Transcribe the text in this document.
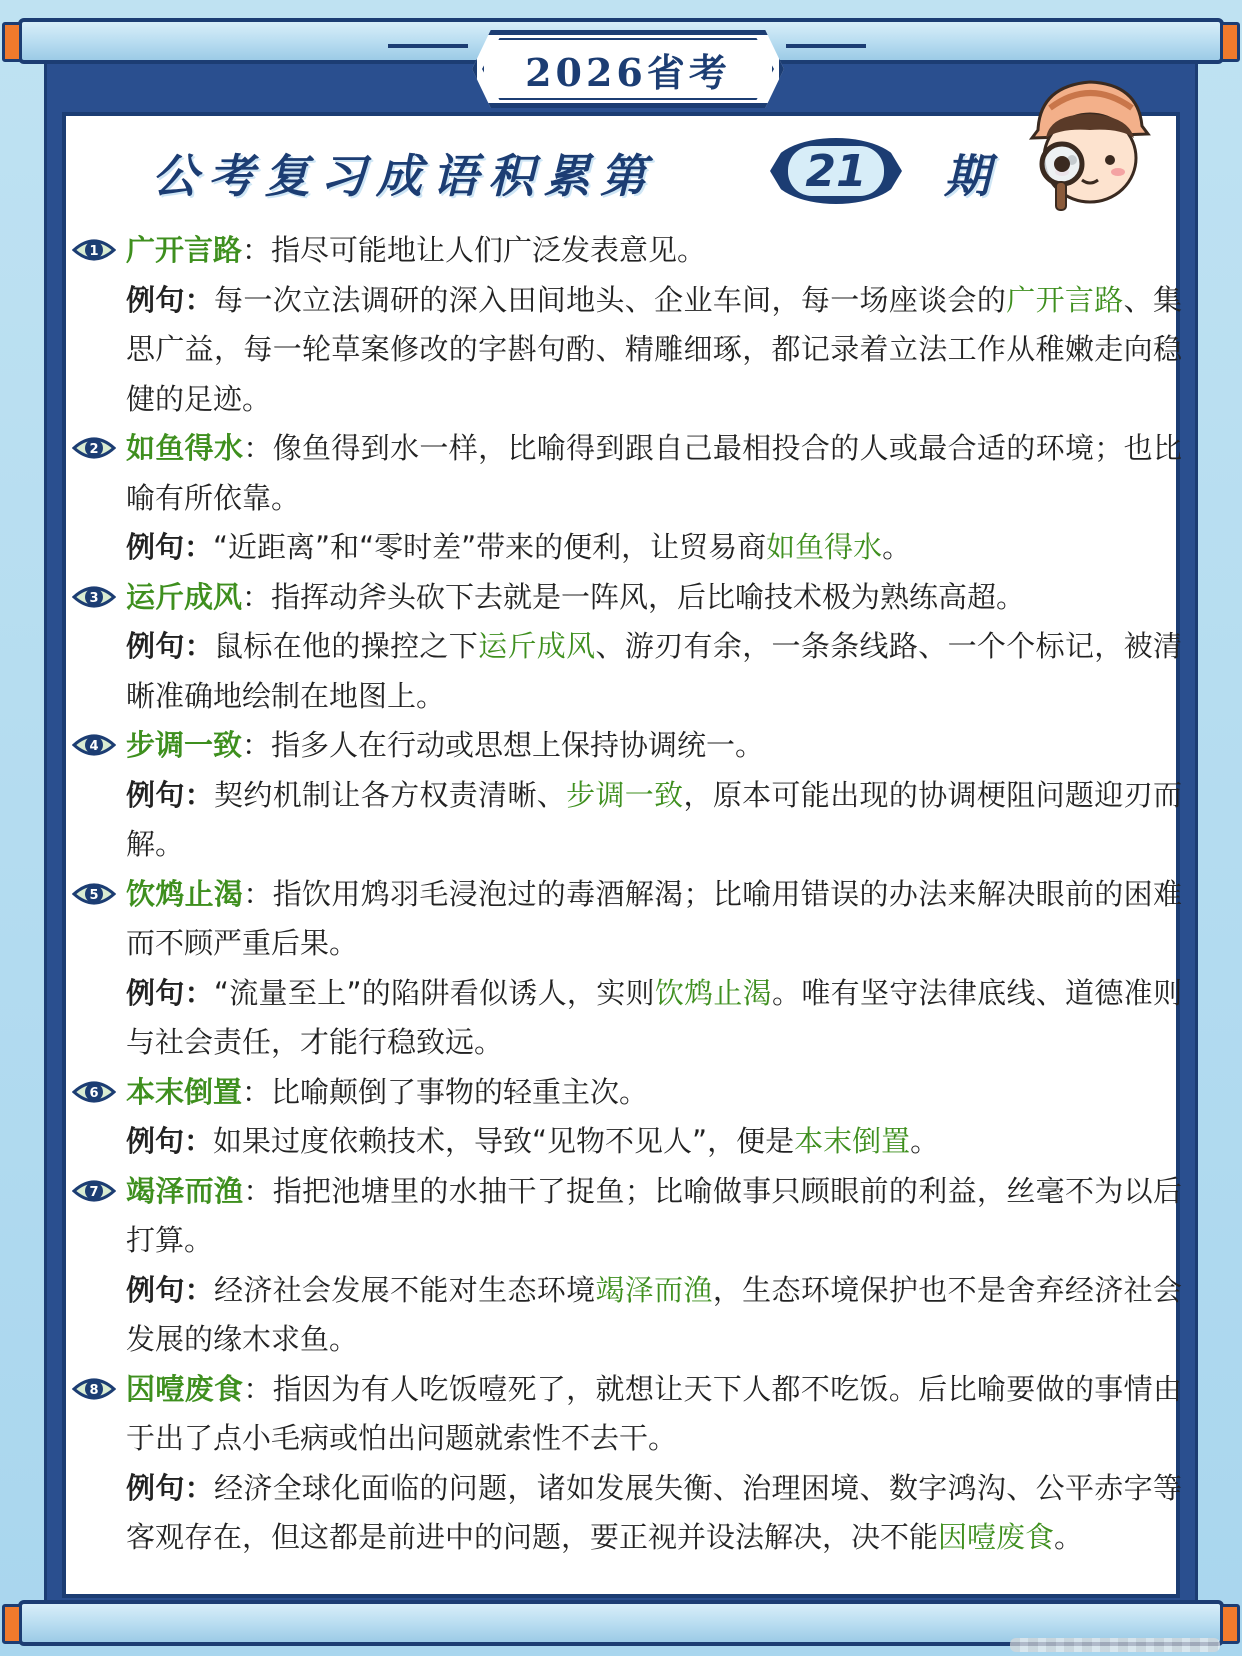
2026省考
公考复习成语积累第	21	期
1 广开言路：指尽可能地让人们广泛发表意见。

例句：每一次立法调研的深入田间地头、企业车间，每一场座谈会的广开言路、集思广益，每一轮草案修改的字斟句酌、精雕细琢，都记录着立法工作从稚嫩走向稳健的足迹。

2 如鱼得水：像鱼得到水一样，比喻得到跟自己最相投合的人或最合适的环境；也比喻有所依靠。

例句：“近距离”和“零时差”带来的便利，让贸易商如鱼得水。

3 运斤成风：指挥动斧头砍下去就是一阵风，后比喻技术极为熟练高超。

例句：鼠标在他的操控之下运斤成风、游刃有余，一条条线路、一个个标记，被清晰准确地绘制在地图上。

4 步调一致：指多人在行动或思想上保持协调统一。

例句：契约机制让各方权责清晰、步调一致，原本可能出现的协调梗阻问题迎刃而解。

5 饮鸩止渴：指饮用鸩羽毛浸泡过的毒酒解渴；比喻用错误的办法来解决眼前的困难而不顾严重后果。

例句：“流量至上”的陷阱看似诱人，实则饮鸩止渴。唯有坚守法律底线、道德准则与社会责任，才能行稳致远。

6 本末倒置：比喻颠倒了事物的轻重主次。

例句：如果过度依赖技术，导致“见物不见人”，便是本末倒置。

7 竭泽而渔：指把池塘里的水抽干了捉鱼；比喻做事只顾眼前的利益，丝毫不为以后打算。

例句：经济社会发展不能对生态环境竭泽而渔，生态环境保护也不是舍弃经济社会发展的缘木求鱼。

8 因噎废食：指因为有人吃饭噎死了，就想让天下人都不吃饭。后比喻要做的事情由于出了点小毛病或怕出问题就索性不去干。

例句：经济全球化面临的问题，诸如发展失衡、治理困境、数字鸿沟、公平赤字等客观存在，但这都是前进中的问题，要正视并设法解决，决不能因噎废食。
